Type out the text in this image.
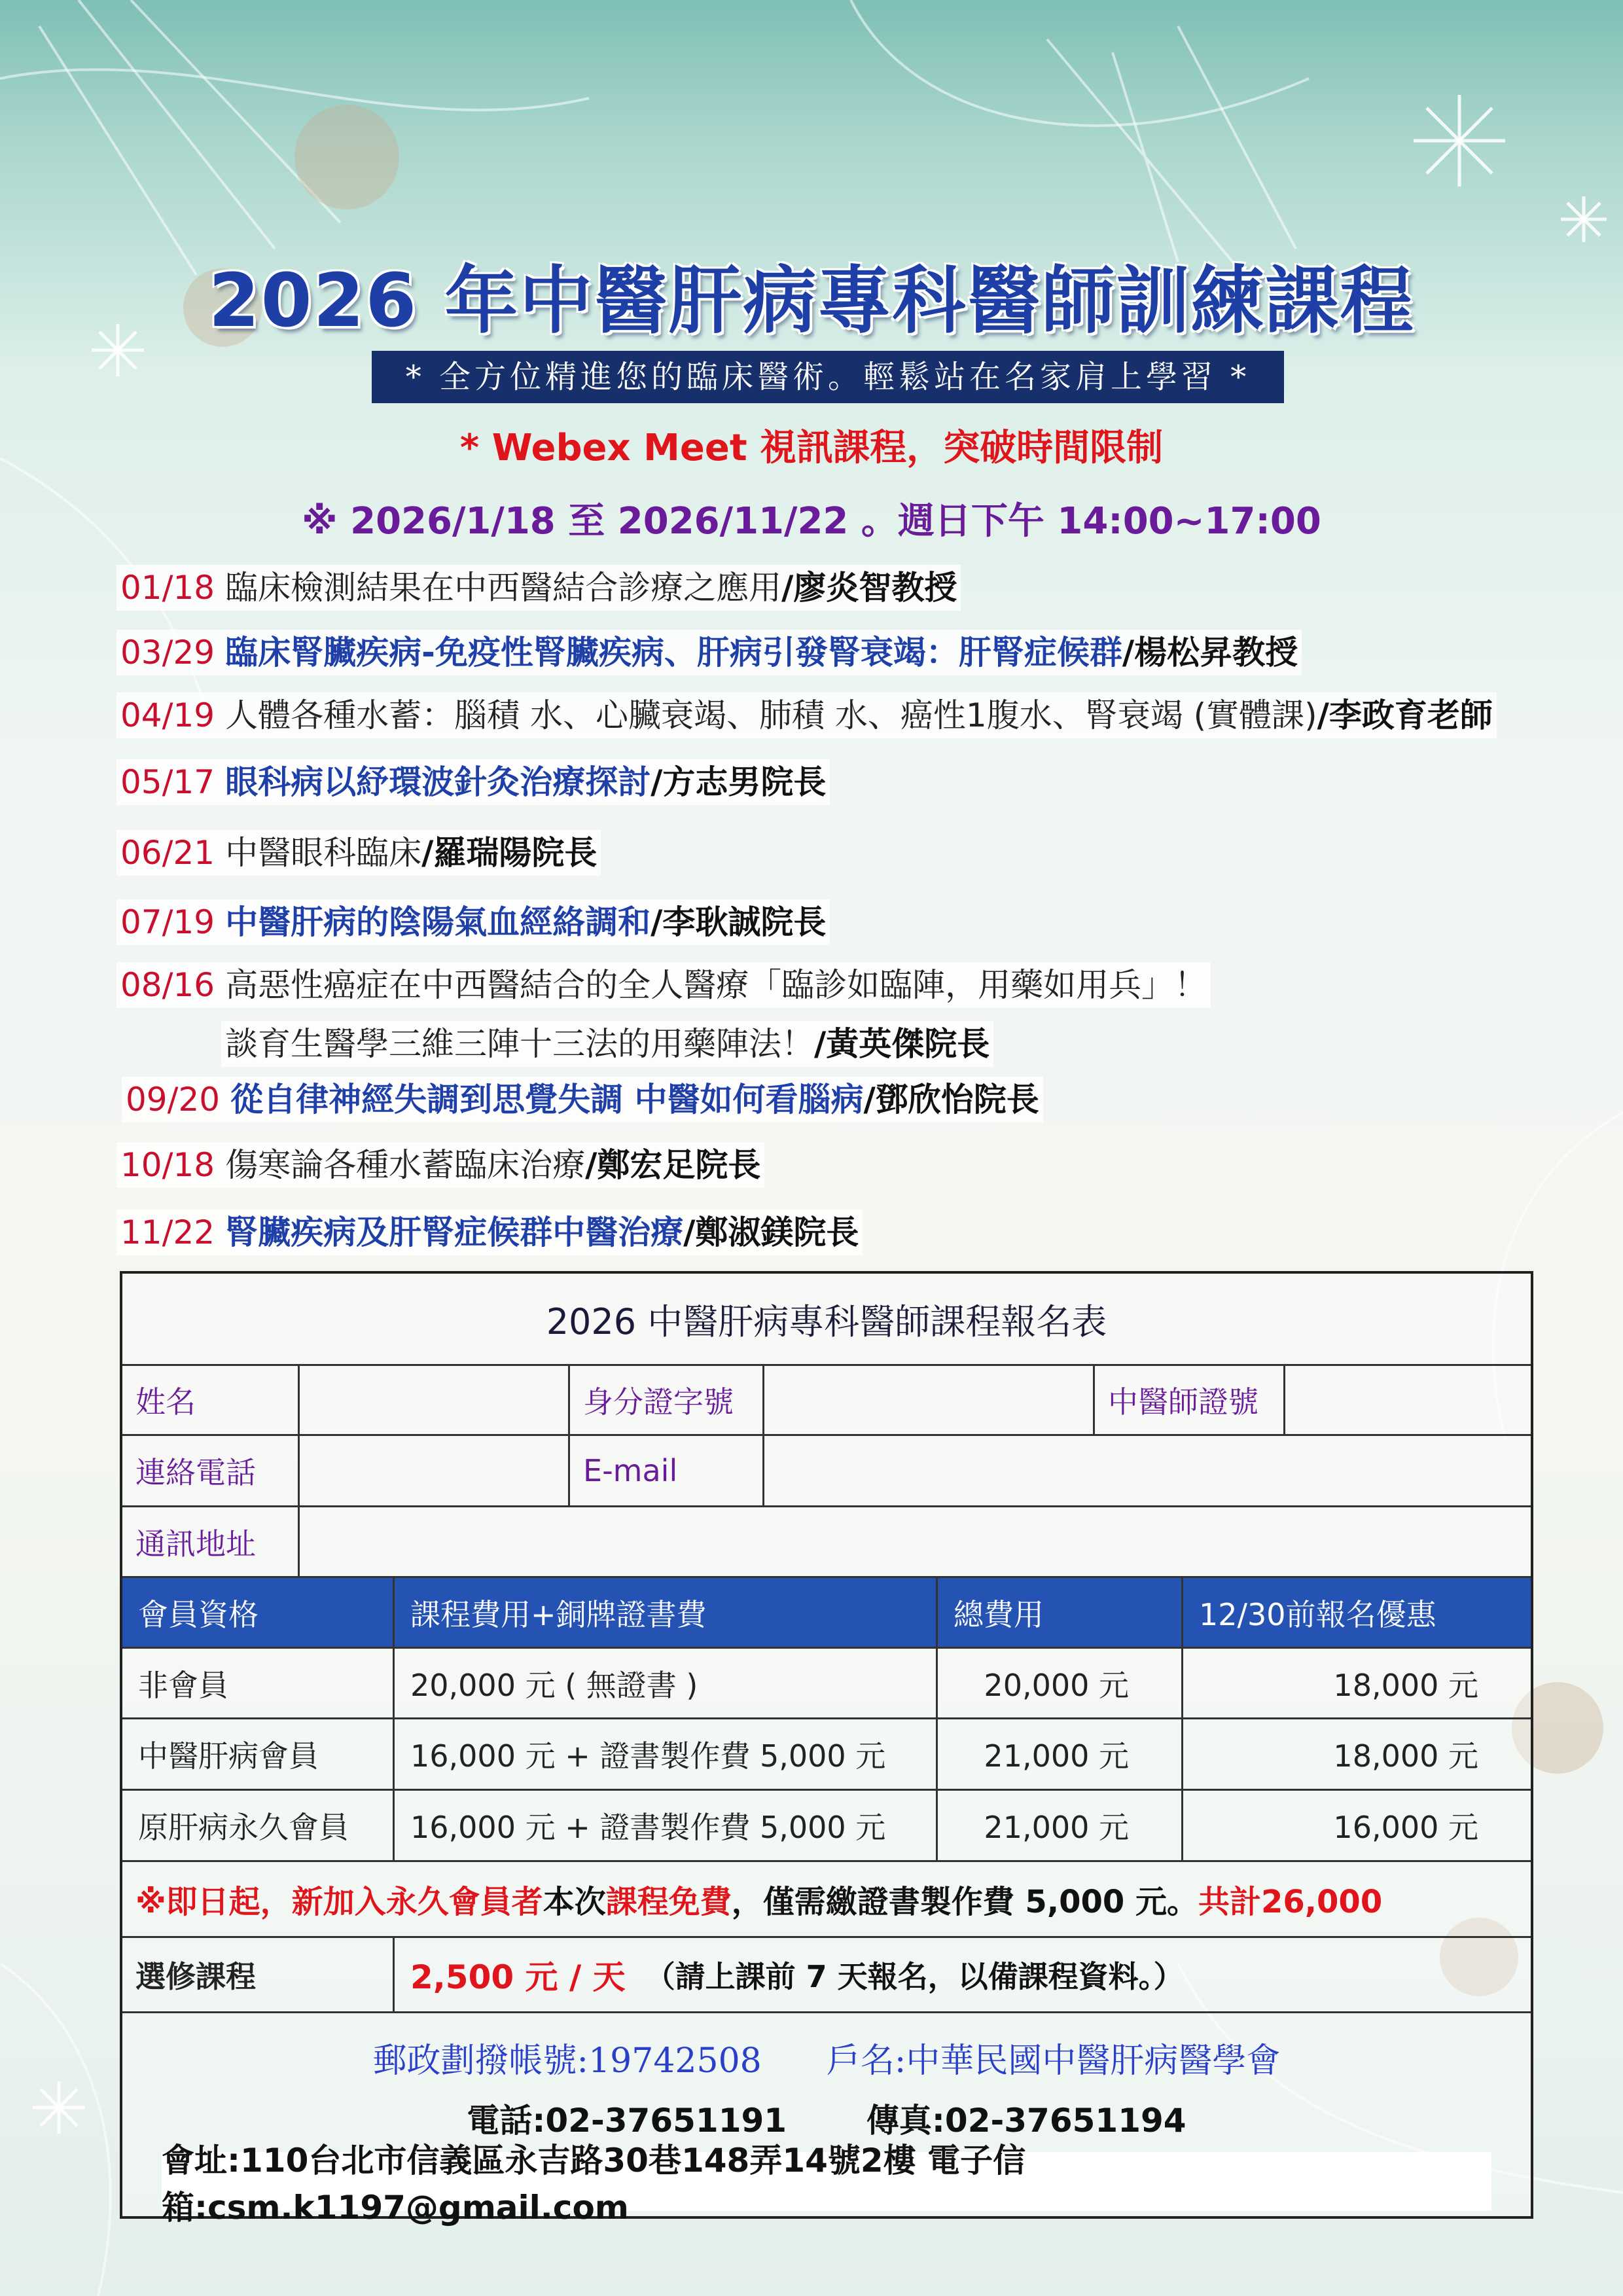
2026 年中醫肝病專科醫師訓練課程
* 全方位精進您的臨床醫術。輕鬆站在名家肩上學習 *
* Webex Meet 視訊課程，突破時間限制
※ 2026/1/18 至 2026/11/22 。週日下午 14:00~17:00
01/18 臨床檢測結果在中西醫結合診療之應用/廖炎智教授
03/29 臨床腎臟疾病-免疫性腎臟疾病、肝病引發腎衰竭：肝腎症候群/楊松昇教授
04/19 人體各種水蓄：腦積 水、心臟衰竭、肺積 水、癌性1腹水、腎衰竭 (實體課)/李政育老師
05/17 眼科病以紓環波針灸治療探討/方志男院長
06/21 中醫眼科臨床/羅瑞陽院長
07/19 中醫肝病的陰陽氣血經絡調和/李耿誠院長
08/16 高惡性癌症在中西醫結合的全人醫療「臨診如臨陣，用藥如用兵」！
談育生醫學三維三陣十三法的用藥陣法！/黃英傑院長
09/20 從自律神經失調到思覺失調 中醫如何看腦病/鄧欣怡院長
10/18 傷寒論各種水蓄臨床治療/鄭宏足院長
11/22 腎臟疾病及肝腎症候群中醫治療/鄭淑鎂院長
2026 中醫肝病專科醫師課程報名表
姓名	身分證字號	中醫師證號
連絡電話	E-mail
通訊地址
會員資格	課程費用+銅牌證書費	總費用	12/30前報名優惠
非會員	20,000 元 ( 無證書 )	20,000 元	18,000 元
中醫肝病會員	16,000 元 + 證書製作費 5,000 元	21,000 元	18,000 元
原肝病永久會員	16,000 元 + 證書製作費 5,000 元	21,000 元	16,000 元
※即日起， 新加入永久會員者 本次 課程免費 ，僅需繳證書製作費 5,000 元。 共計26,000
選修課程	2,500 元 / 天 （請上課前 7 天報名，以備課程資料。）
郵政劃撥帳號:19742508      戶名:中華民國中醫肝病醫學會
電話:02-37651191       傳真:02-37651194
會址:110台北市信義區永吉路30巷148弄14號2樓 電子信箱:csm.k1197@gmail.com
